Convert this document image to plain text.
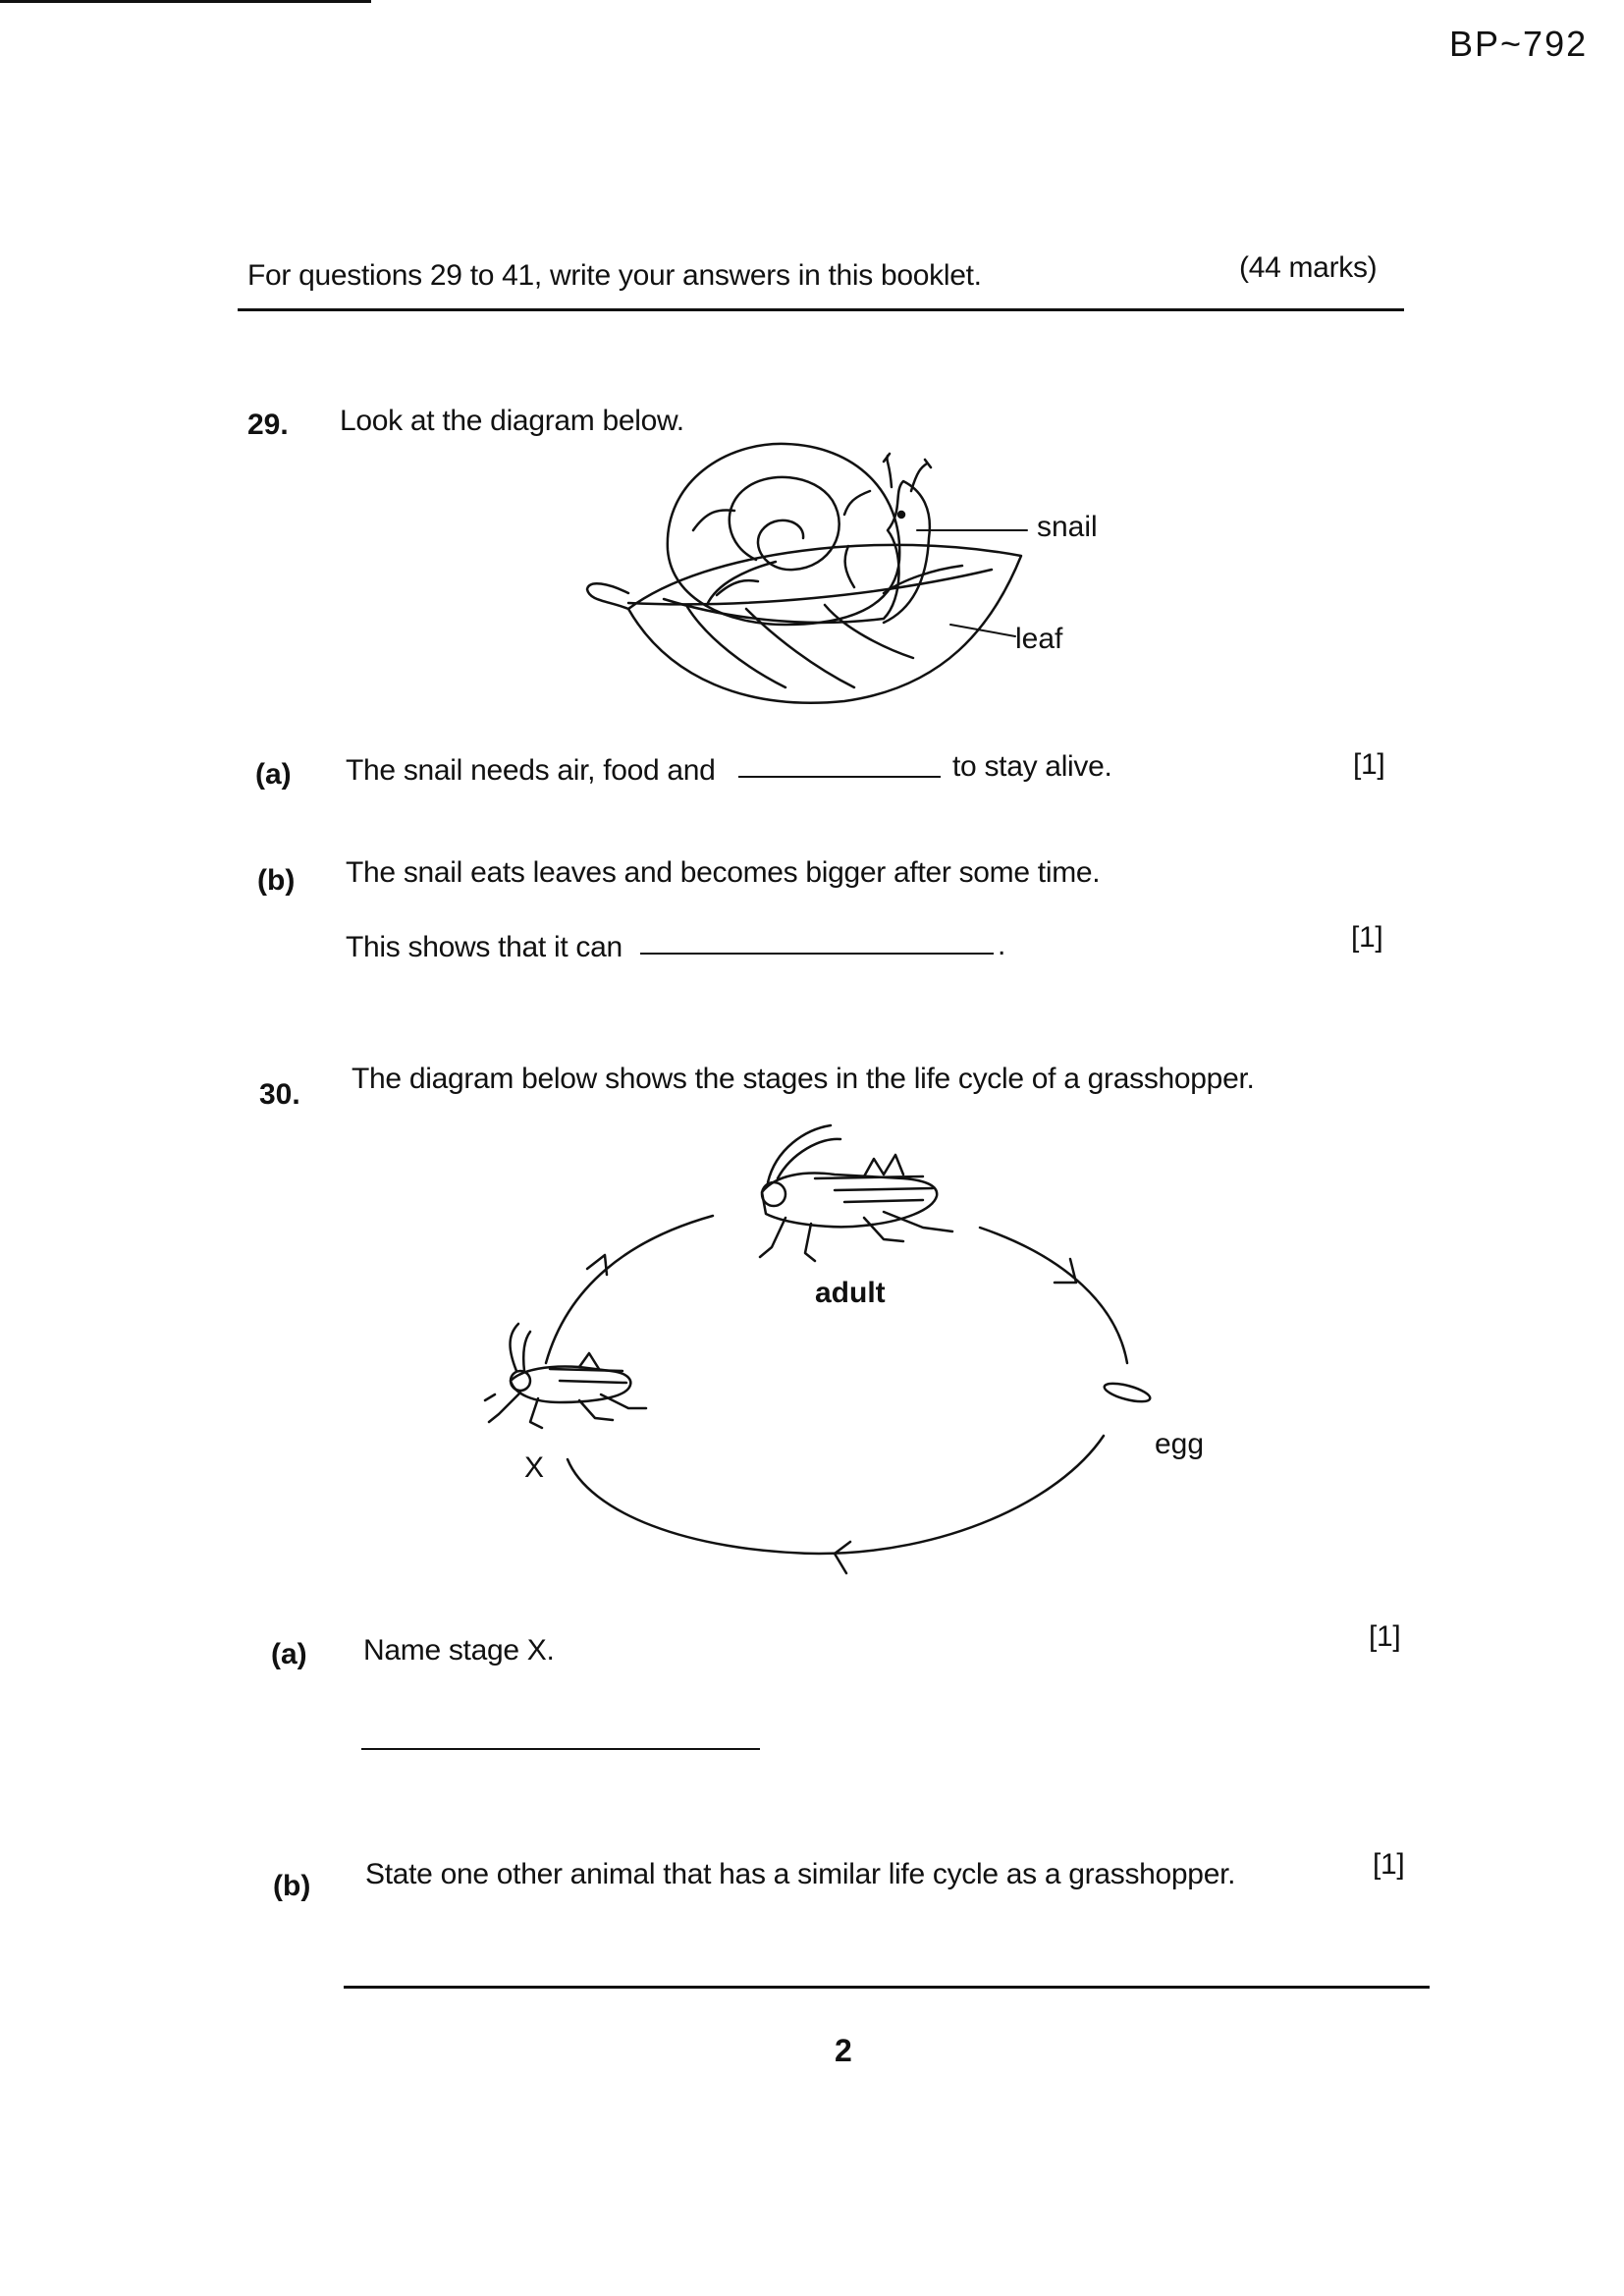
BP~792
For questions 29 to 41, write your answers in this booklet.	(44 marks)
29. Look at the diagram below.
snail
leaf
(a) The snail needs air, food and	to stay alive.	[1]
(b) The snail eats leaves and becomes bigger after some time.
This shows that it can	.	[1]
30. The diagram below shows the stages in the life cycle of a grasshopper.
adult
egg
X
(a) Name stage X.	[1]
(b) State one other animal that has a similar life cycle as a grasshopper.	[1]
2
